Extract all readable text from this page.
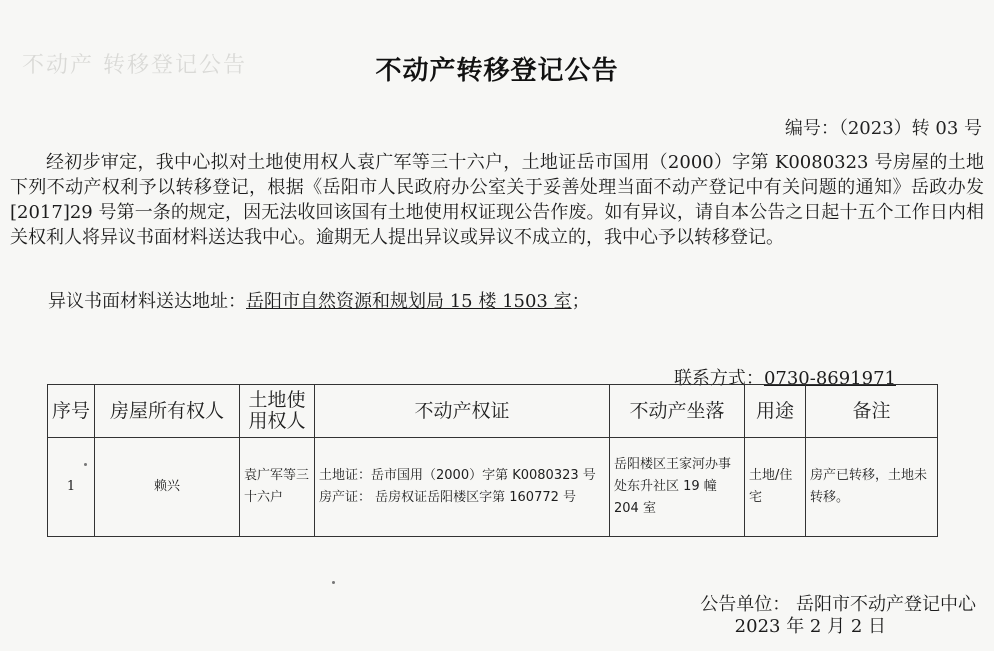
不动产 转移登记公告	不动产转移登记公告
编号：（2023）转 03 号

经初步审定，我中心拟对土地使用权人袁广军等三十六户，土地证岳市国用（2000）字第 K0080323 号房屋的土地下列不动产权利予以转移登记，根据《岳阳市人民政府办公室关于妥善处理当面不动产登记中有关问题的通知》岳政办发[2017]29 号第一条的规定，因无法收回该国有土地使用权证现公告作废。如有异议，请自本公告之日起十五个工作日内相关权利人将异议书面材料送达我中心。逾期无人提出异议或异议不成立的，我中心予以转移登记。

异议书面材料送达地址：岳阳市自然资源和规划局 15 楼 1503 室；
联系方式：0730-8691971
序号	房屋所有权人	土地使用权人	不动产权证	不动产坐落	用途	备注
1	赖兴	袁广军等三十六户	土地证：岳市国用（2000）字第 K0080323 号
房产证： 岳房权证岳阳楼区字第 160772 号	岳阳楼区王家河办事处东升社区 19 幢 204 室	土地/住宅	房产已转移，土地未转移。
公告单位： 岳阳市不动产登记中心
2023 年 2 月 2 日
